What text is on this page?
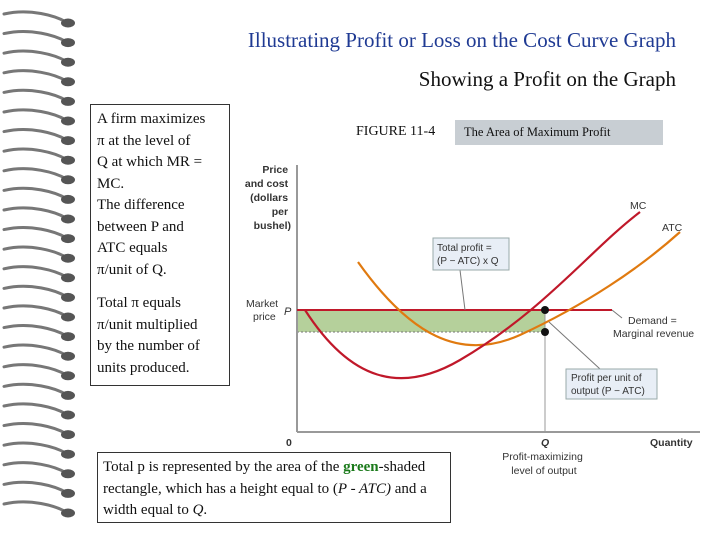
Illustrating Profit or Loss on the Cost Curve Graph
Showing a Profit on the Graph

A firm maximizes

π at the level of

Q at which MR =

MC.

The difference

between P and

ATC equals

π/unit of Q.

Total π equals

π/unit multiplied

by the number of

units produced.

FIGURE 11-4	The Area of Maximum Profit
Price and cost (dollars per bushel)
Market price P
0	Q	Quantity
Profit-maximizing level of output
MC
ATC
Demand = Marginal revenue
Total profit = (P − ATC) x Q
Profit per unit of output (P − ATC)
Total p is represented by the area of the green-shaded rectangle, which has a height equal to (P - ATC) and a width equal to Q.
